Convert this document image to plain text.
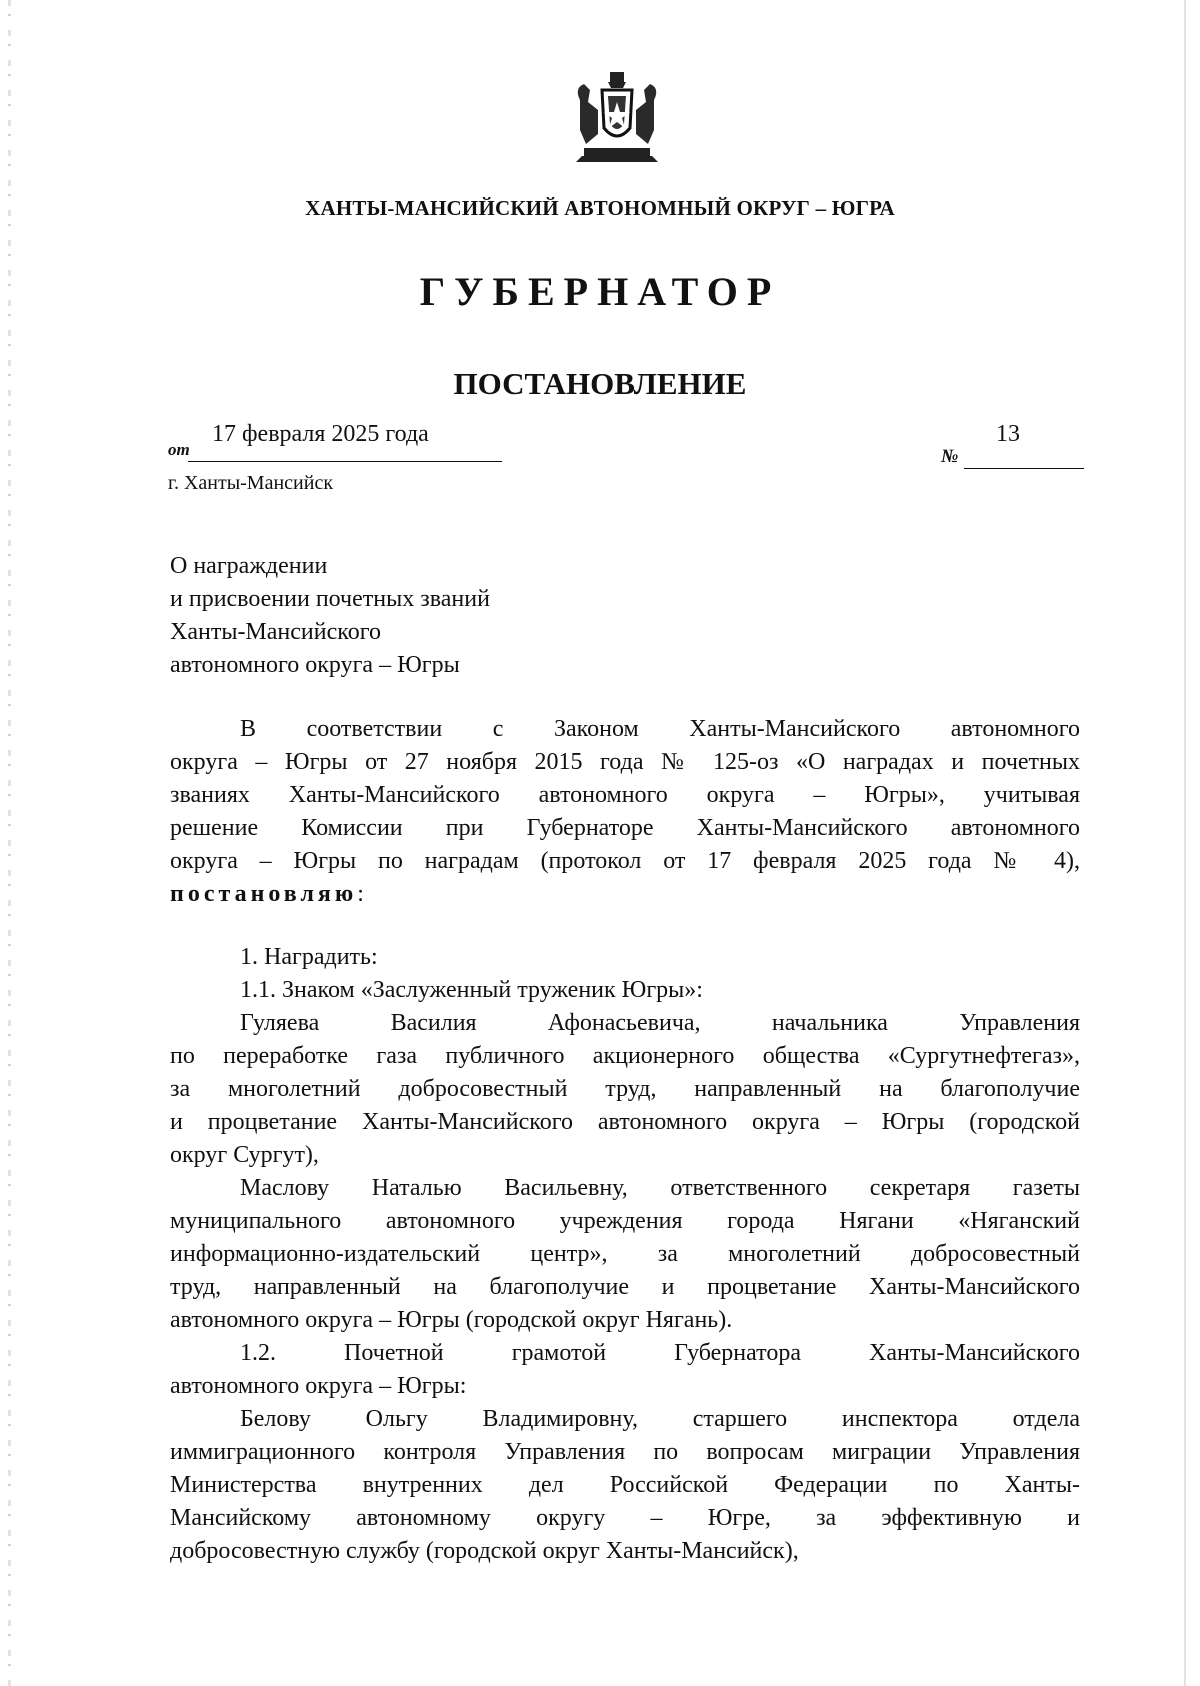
ХАНТЫ-МАНСИЙСКИЙ АВТОНОМНЫЙ ОКРУГ – ЮГРА
ГУБЕРНАТОР
ПОСТАНОВЛЕНИЕ
от
17 февраля 2025 года
№
13
г. Ханты-Мансийск
О награждении
и присвоении почетных званий
Ханты-Мансийского
автономного округа – Югры
В соответствии с Законом Ханты-Мансийского автономного
округа – Югры от 27 ноября 2015 года № 125-оз «О наградах и почетных
званиях Ханты-Мансийского автономного округа – Югры», учитывая
решение Комиссии при Губернаторе Ханты-Мансийского автономного
округа – Югры по наградам (протокол от 17 февраля 2025 года № 4),
постановляю:
1. Наградить:
1.1. Знаком «Заслуженный труженик Югры»:
Гуляева Василия Афонасьевича, начальника Управления
по переработке газа публичного акционерного общества «Сургутнефтегаз»,
за многолетний добросовестный труд, направленный на благополучие
и процветание Ханты-Мансийского автономного округа – Югры (городской
округ Сургут),
Маслову Наталью Васильевну, ответственного секретаря газеты
муниципального автономного учреждения города Нягани «Няганский
информационно-издательский центр», за многолетний добросовестный
труд, направленный на благополучие и процветание Ханты-Мансийского
автономного округа – Югры (городской округ Нягань).
1.2. Почетной грамотой Губернатора Ханты-Мансийского
автономного округа – Югры:
Белову Ольгу Владимировну, старшего инспектора отдела
иммиграционного контроля Управления по вопросам миграции Управления
Министерства внутренних дел Российской Федерации по Ханты-
Мансийскому автономному округу – Югре, за эффективную и
добросовестную службу (городской округ Ханты-Мансийск),
